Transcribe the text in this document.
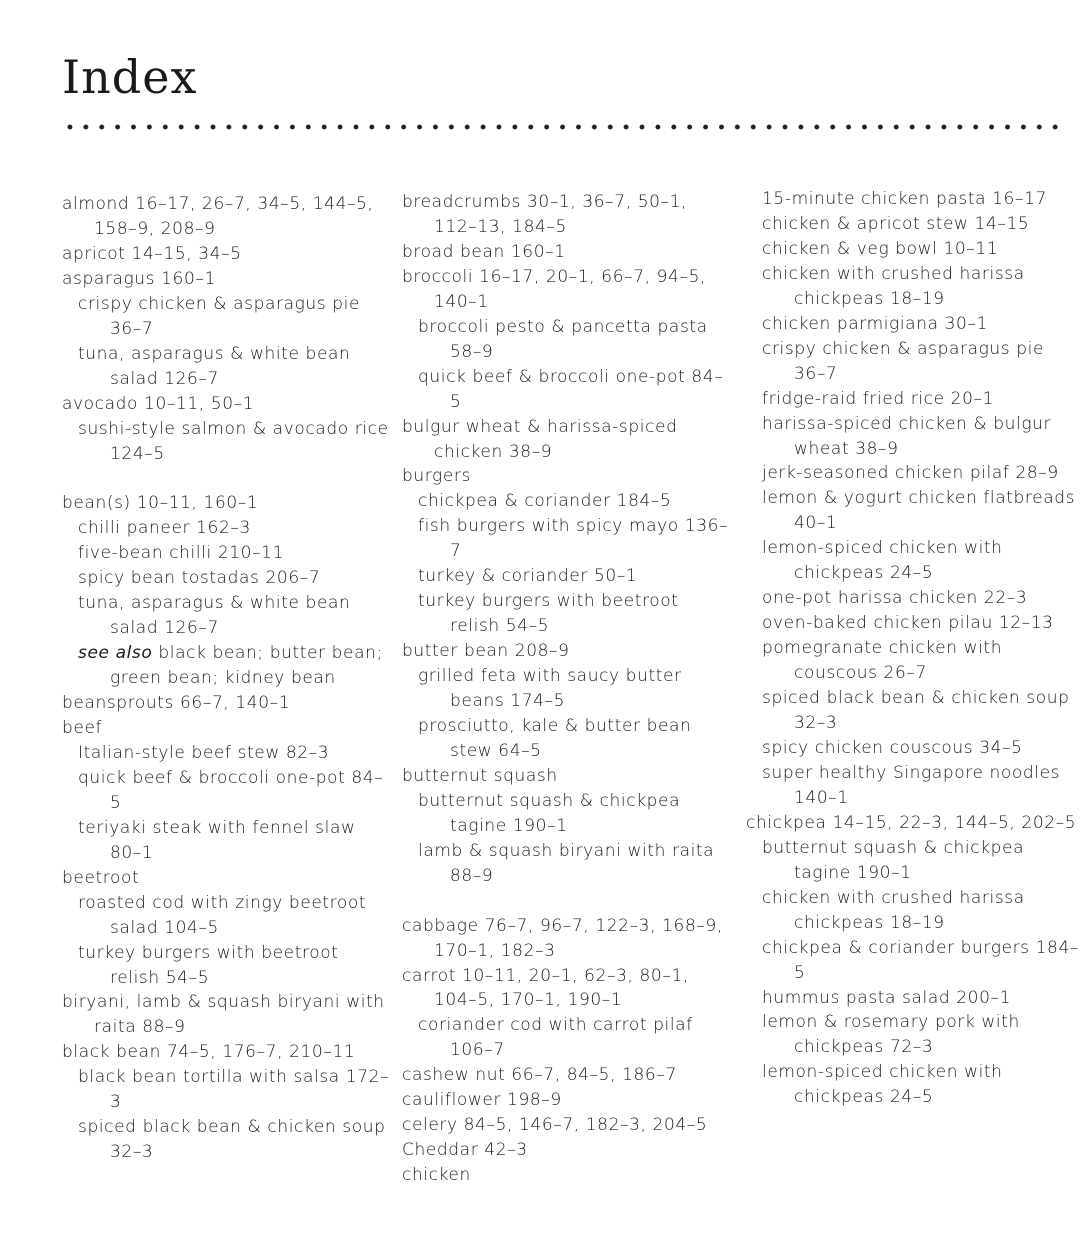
Index

almond 16–17, 26–7, 34–5, 144–5, 158–9, 208–9

apricot 14–15, 34–5

asparagus 160–1

crispy chicken & asparagus pie 36–7

tuna, asparagus & white bean salad 126–7

avocado 10–11, 50–1

sushi-style salmon & avocado rice 124–5

bean(s) 10–11, 160–1

chilli paneer 162–3

five-bean chilli 210–11

spicy bean tostadas 206–7

tuna, asparagus & white bean salad 126–7

see also black bean; butter bean; green bean; kidney bean

beansprouts 66–7, 140–1

beef

Italian-style beef stew 82–3

quick beef & broccoli one-pot 84–5

teriyaki steak with fennel slaw 80–1

beetroot

roasted cod with zingy beetroot salad 104–5

turkey burgers with beetroot relish 54–5

biryani, lamb & squash biryani with raita 88–9

black bean 74–5, 176–7, 210–11

black bean tortilla with salsa 172–3

spiced black bean & chicken soup 32–3

breadcrumbs 30–1, 36–7, 50–1, 112–13, 184–5

broad bean 160–1

broccoli 16–17, 20–1, 66–7, 94–5, 140–1

broccoli pesto & pancetta pasta 58–9

quick beef & broccoli one-pot 84–5

bulgur wheat & harissa-spiced chicken 38–9

burgers

chickpea & coriander 184–5

fish burgers with spicy mayo 136–7

turkey & coriander 50–1

turkey burgers with beetroot relish 54–5

butter bean 208–9

grilled feta with saucy butter beans 174–5

prosciutto, kale & butter bean stew 64–5

butternut squash

butternut squash & chickpea tagine 190–1

lamb & squash biryani with raita 88–9

cabbage 76–7, 96–7, 122–3, 168–9, 170–1, 182–3

carrot 10–11, 20–1, 62–3, 80–1, 104–5, 170–1, 190–1

coriander cod with carrot pilaf 106–7

cashew nut 66–7, 84–5, 186–7

cauliflower 198–9

celery 84–5, 146–7, 182–3, 204–5

Cheddar 42–3

chicken

15-minute chicken pasta 16–17

chicken & apricot stew 14–15

chicken & veg bowl 10–11

chicken with crushed harissa chickpeas 18–19

chicken parmigiana 30–1

crispy chicken & asparagus pie 36–7

fridge-raid fried rice 20–1

harissa-spiced chicken & bulgur wheat 38–9

jerk-seasoned chicken pilaf 28–9

lemon & yogurt chicken flatbreads 40–1

lemon-spiced chicken with chickpeas 24–5

one-pot harissa chicken 22–3

oven-baked chicken pilau 12–13

pomegranate chicken with couscous 26–7

spiced black bean & chicken soup 32–3

spicy chicken couscous 34–5

super healthy Singapore noodles 140–1

chickpea 14–15, 22–3, 144–5, 202–5

butternut squash & chickpea tagine 190–1

chicken with crushed harissa chickpeas 18–19

chickpea & coriander burgers 184–5

hummus pasta salad 200–1

lemon & rosemary pork with chickpeas 72–3

lemon-spiced chicken with chickpeas 24–5
